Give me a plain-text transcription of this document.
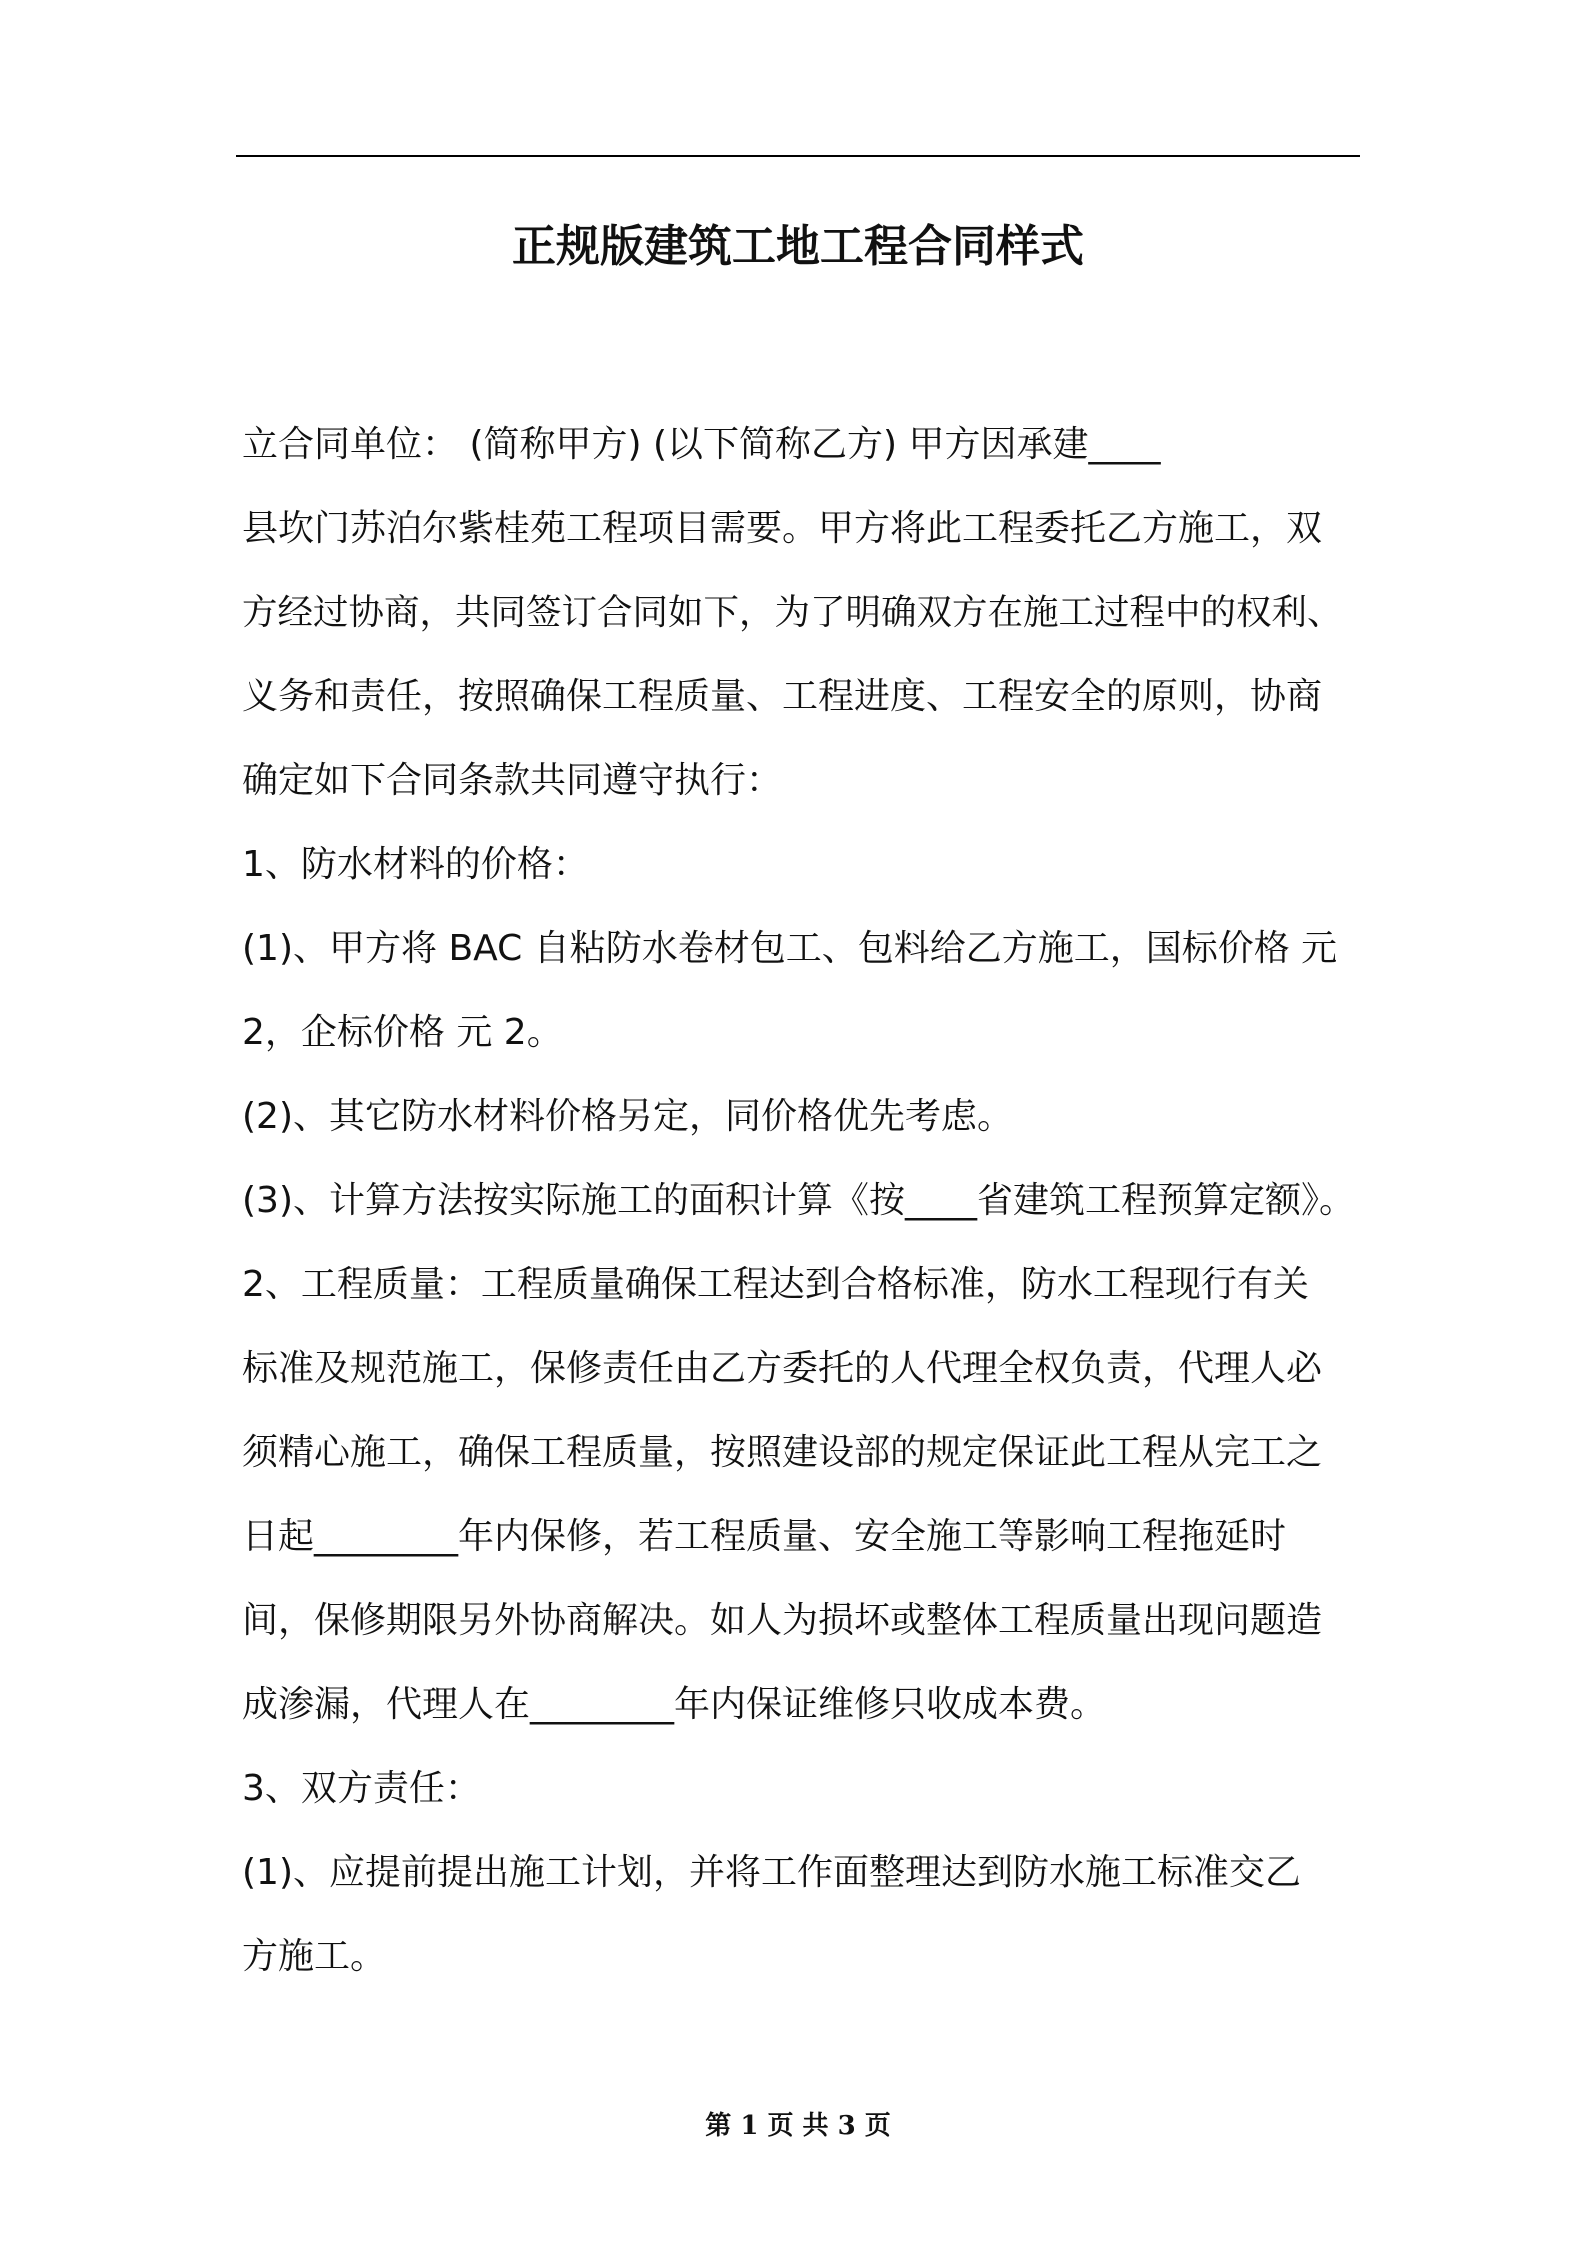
正规版建筑工地工程合同样式

立合同单位： (简称甲方) (以下简称乙方) 甲方因承建____

县坎门苏泊尔紫桂苑工程项目需要。甲方将此工程委托乙方施工，双

方经过协商，共同签订合同如下，为了明确双方在施工过程中的权利、

义务和责任，按照确保工程质量、工程进度、工程安全的原则，协商

确定如下合同条款共同遵守执行：

1、防水材料的价格：

(1)、甲方将 BAC 自粘防水卷材包工、包料给乙方施工，国标价格 元

2，企标价格 元 2。

(2)、其它防水材料价格另定，同价格优先考虑。

(3)、计算方法按实际施工的面积计算《按____省建筑工程预算定额》。

2、工程质量：工程质量确保工程达到合格标准，防水工程现行有关

标准及规范施工，保修责任由乙方委托的人代理全权负责，代理人必

须精心施工，确保工程质量，按照建设部的规定保证此工程从完工之

日起________年内保修，若工程质量、安全施工等影响工程拖延时

间，保修期限另外协商解决。如人为损坏或整体工程质量出现问题造

成渗漏，代理人在________年内保证维修只收成本费。

3、双方责任：

(1)、应提前提出施工计划，并将工作面整理达到防水施工标准交乙

方施工。

第 1 页 共 3 页
